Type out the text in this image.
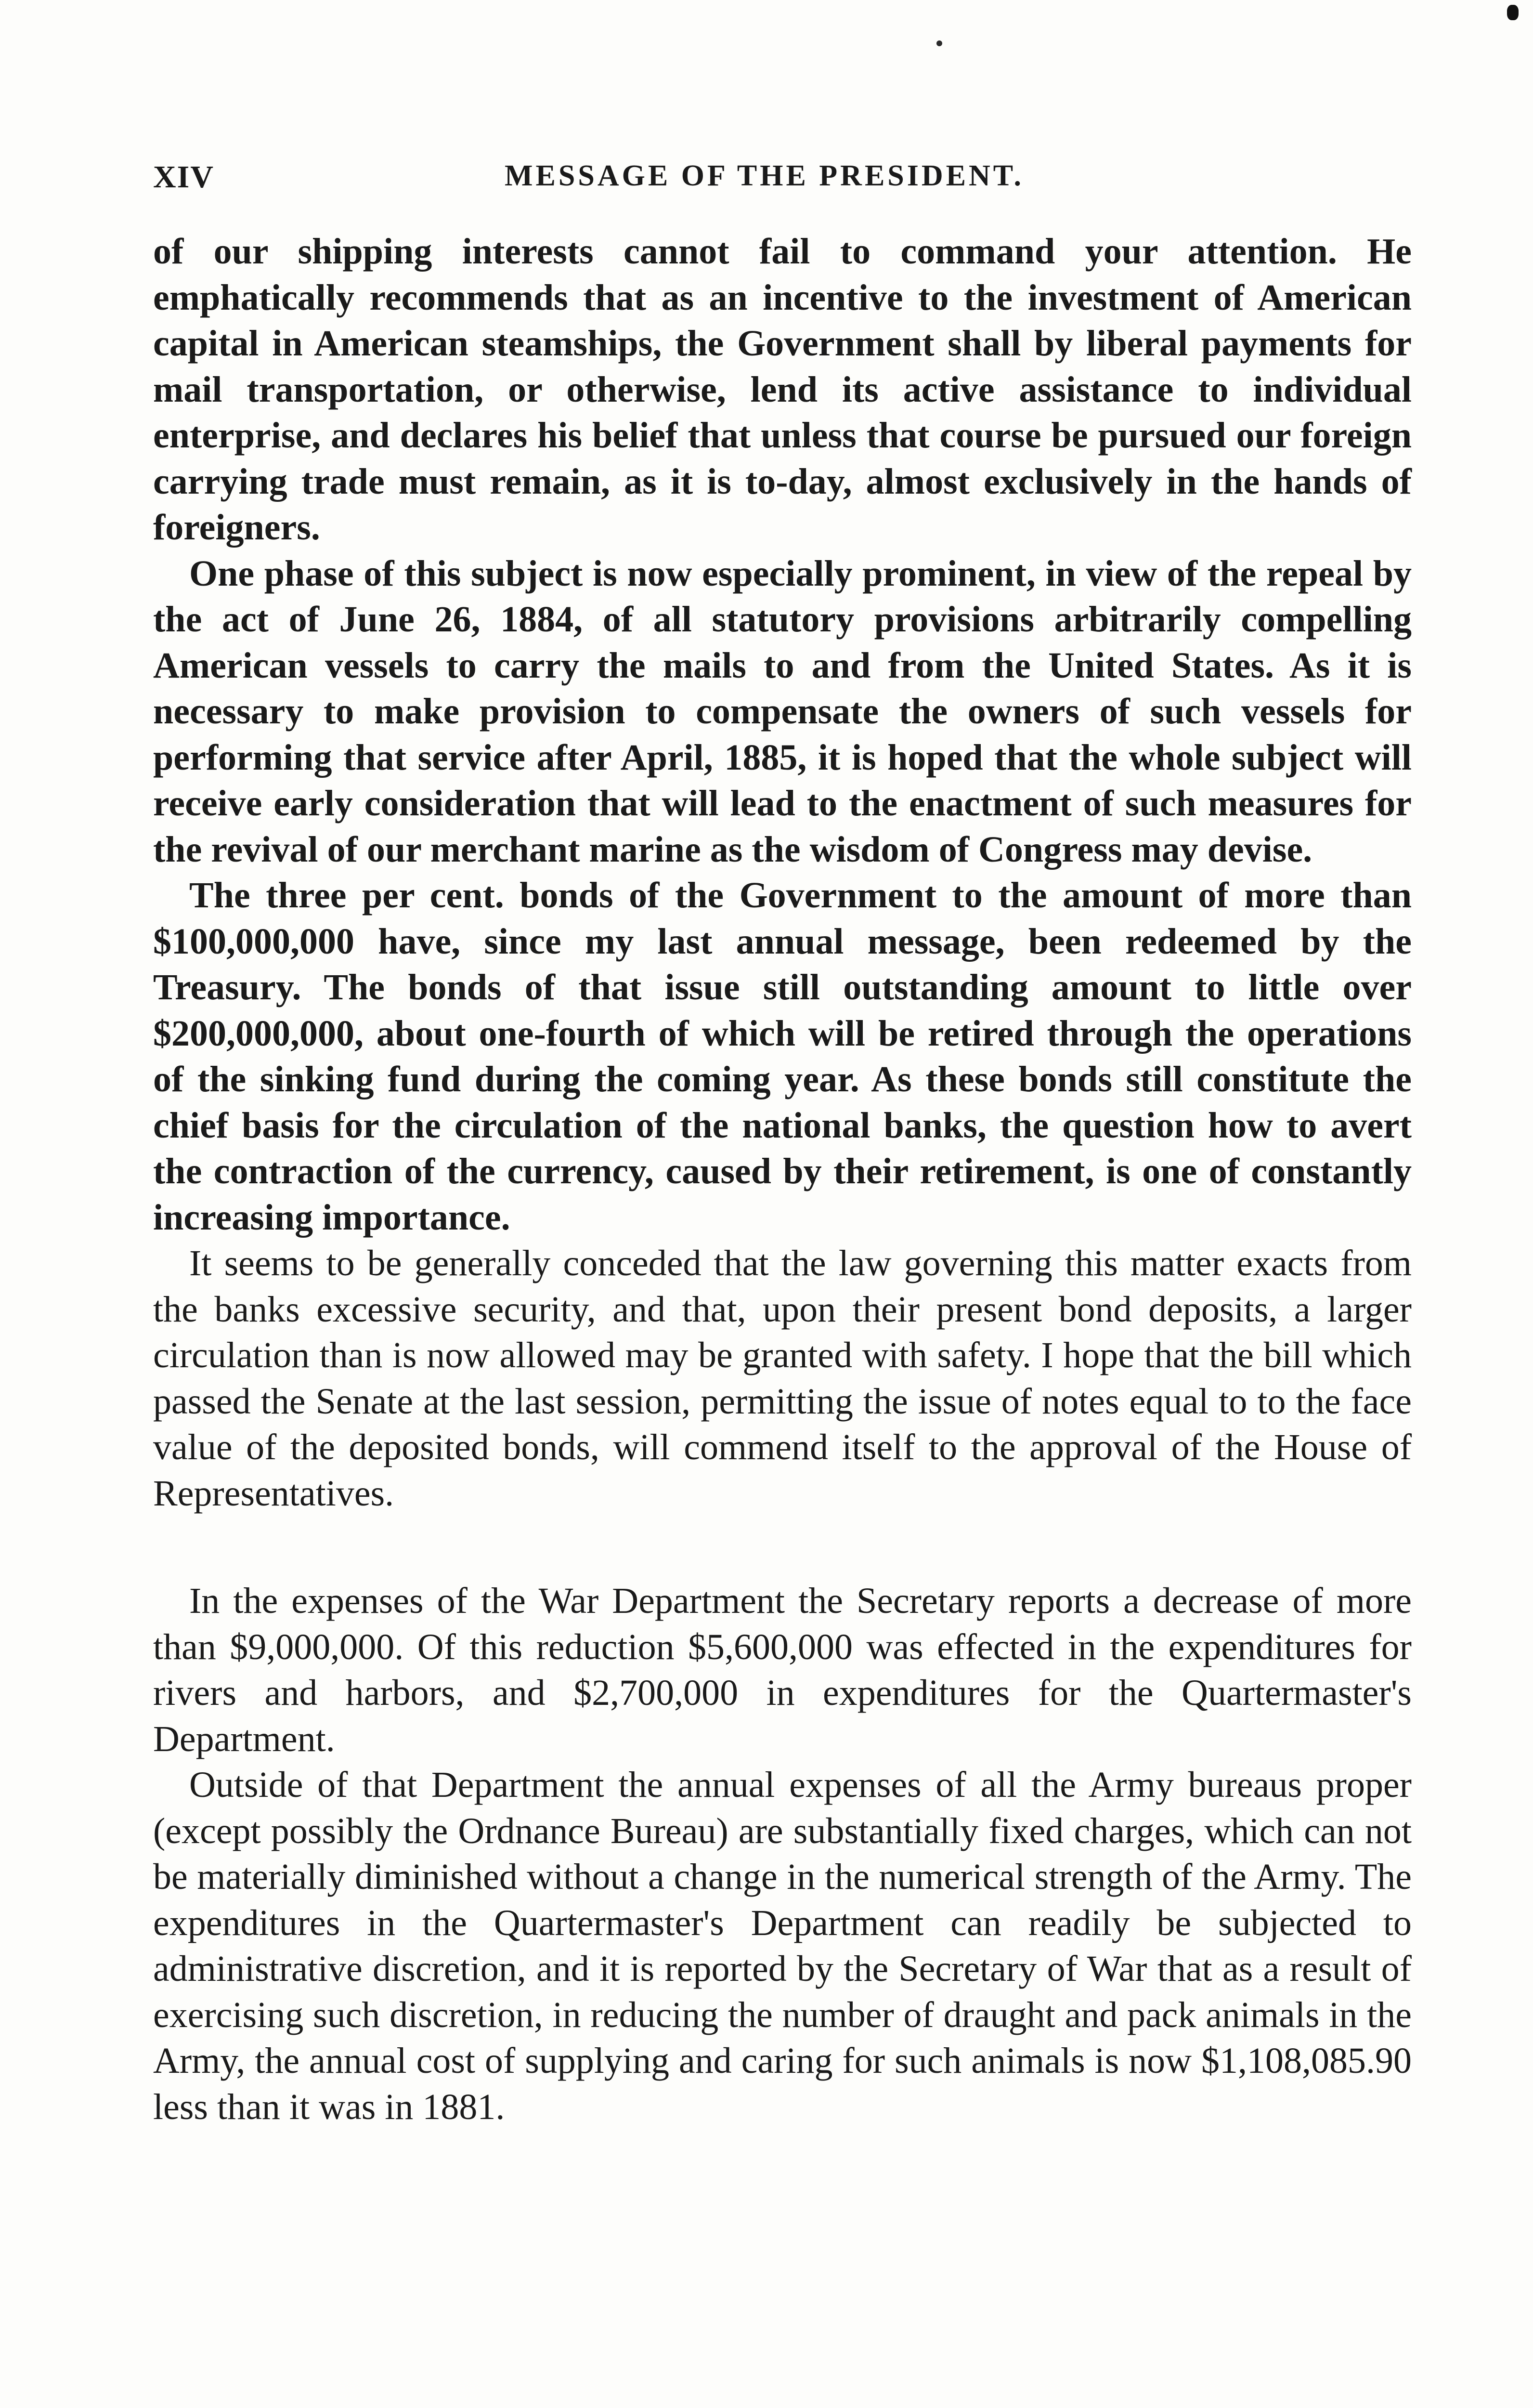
XIV	MESSAGE OF THE PRESIDENT.

of our shipping interests cannot fail to command your attention. He emphatically recommends that as an incentive to the investment of American capital in American steamships, the Government shall by liberal payments for mail transportation, or otherwise, lend its active assistance to individual enterprise, and declares his belief that unless that course be pursued our foreign carrying trade must remain, as it is to-day, almost exclusively in the hands of foreigners.

One phase of this subject is now especially prominent, in view of the repeal by the act of June 26, 1884, of all statutory provisions arbitrarily compelling American vessels to carry the mails to and from the United States. As it is necessary to make provision to compensate the owners of such vessels for performing that service after April, 1885, it is hoped that the whole subject will receive early consideration that will lead to the enactment of such measures for the revival of our merchant marine as the wisdom of Congress may devise.

The three per cent. bonds of the Government to the amount of more than $100,000,000 have, since my last annual message, been redeemed by the Treasury. The bonds of that issue still outstanding amount to little over $200,000,000, about one-fourth of which will be retired through the operations of the sinking fund during the coming year. As these bonds still constitute the chief basis for the circulation of the national banks, the question how to avert the contraction of the currency, caused by their retirement, is one of constantly increasing importance.

It seems to be generally conceded that the law governing this matter exacts from the banks excessive security, and that, upon their present bond deposits, a larger circulation than is now allowed may be granted with safety. I hope that the bill which passed the Senate at the last session, permitting the issue of notes equal to to the face value of the deposited bonds, will commend itself to the approval of the House of Representatives.

In the expenses of the War Department the Secretary reports a decrease of more than $9,000,000. Of this reduction $5,600,000 was effected in the expenditures for rivers and harbors, and $2,700,000 in expenditures for the Quartermaster's Department.

Outside of that Department the annual expenses of all the Army bureaus proper (except possibly the Ordnance Bureau) are substantially fixed charges, which can not be materially diminished without a change in the numerical strength of the Army. The expenditures in the Quartermaster's Department can readily be subjected to administrative discretion, and it is reported by the Secretary of War that as a result of exercising such discretion, in reducing the number of draught and pack animals in the Army, the annual cost of supplying and caring for such animals is now $1,108,085.90 less than it was in 1881.
